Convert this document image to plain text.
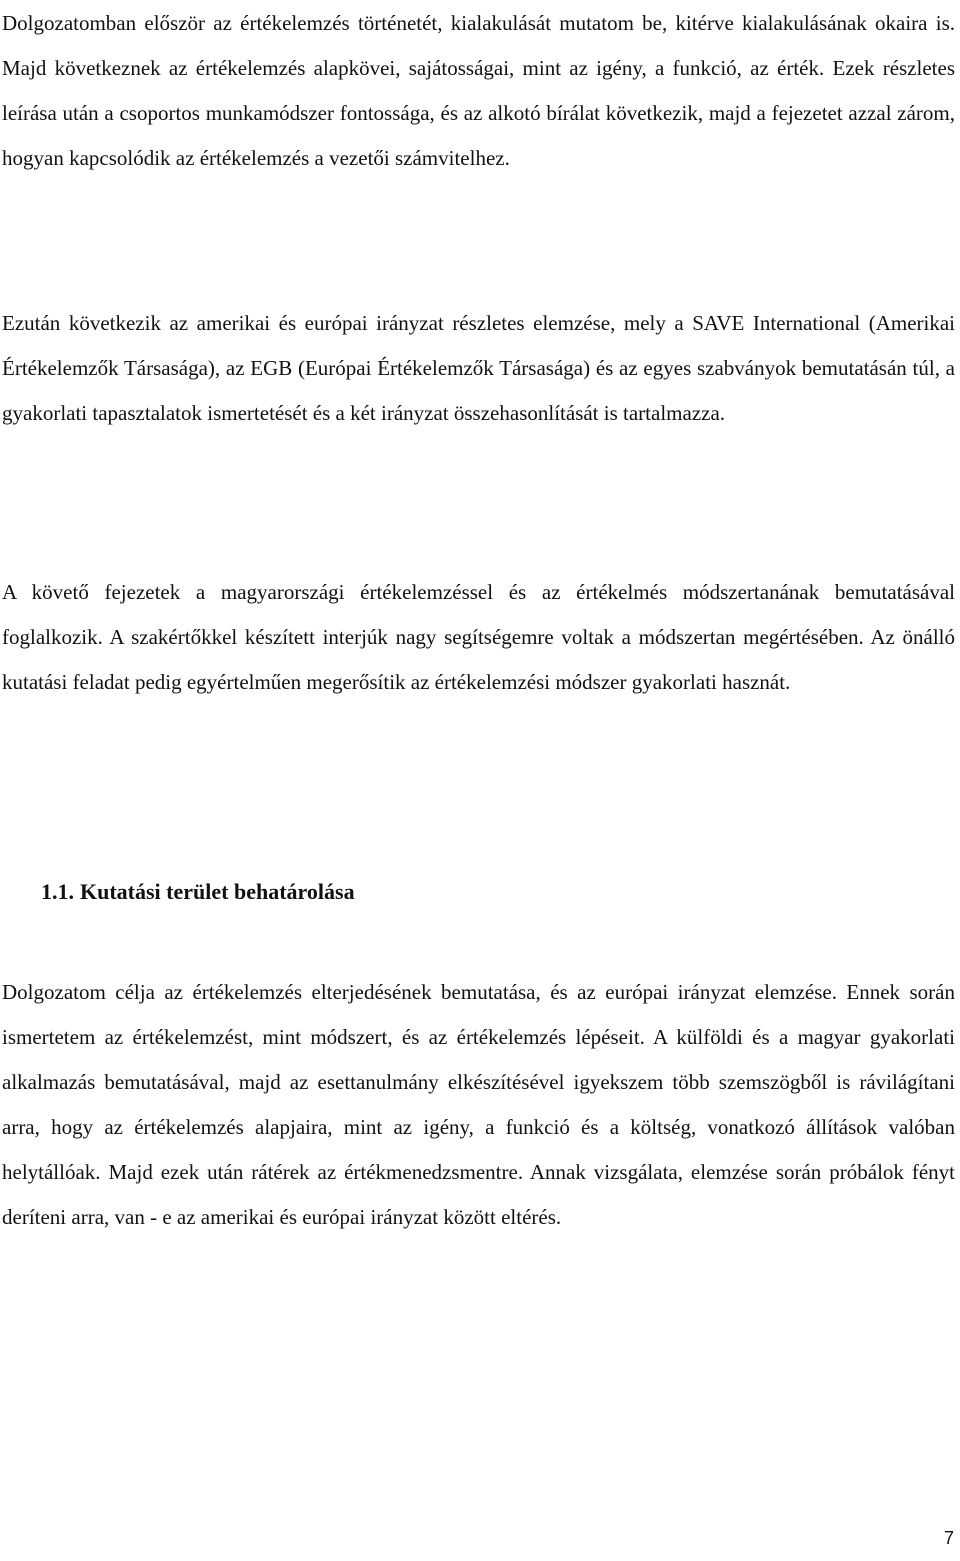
Dolgozatomban először az értékelemzés történetét, kialakulását mutatom be, kitérve kialakulásának okaira is. Majd következnek az értékelemzés alapkövei, sajátosságai, mint az igény, a funkció, az érték. Ezek részletes leírása után a csoportos munkamódszer fontossága, és az alkotó bírálat következik, majd a fejezetet azzal zárom, hogyan kapcsolódik az értékelemzés a vezetői számvitelhez.

Ezután következik az amerikai és európai irányzat részletes elemzése, mely a SAVE International (Amerikai Értékelemzők Társasága), az EGB (Európai Értékelemzők Társasága) és az egyes szabványok bemutatásán túl, a gyakorlati tapasztalatok ismertetését és a két irányzat összehasonlítását is tartalmazza.

A követő fejezetek a magyarországi értékelemzéssel és az értékelmés módszertanának bemutatásával foglalkozik. A szakértőkkel készített interjúk nagy segítségemre voltak a módszertan megértésében. Az önálló kutatási feladat pedig egyértelműen megerősítik az értékelemzési módszer gyakorlati hasznát.

1.1. Kutatási terület behatárolása

Dolgozatom célja az értékelemzés elterjedésének bemutatása, és az európai irányzat elemzése. Ennek során ismertetem az értékelemzést, mint módszert, és az értékelemzés lépéseit. A külföldi és a magyar gyakorlati alkalmazás bemutatásával, majd az esettanulmány elkészítésével igyekszem több szemszögből is rávilágítani arra, hogy az értékelemzés alapjaira, mint az igény, a funkció és a költség, vonatkozó állítások valóban helytállóak. Majd ezek után rátérek az értékmenedzsmentre. Annak vizsgálata, elemzése során próbálok fényt deríteni arra, van - e az amerikai és európai irányzat között eltérés.

7
